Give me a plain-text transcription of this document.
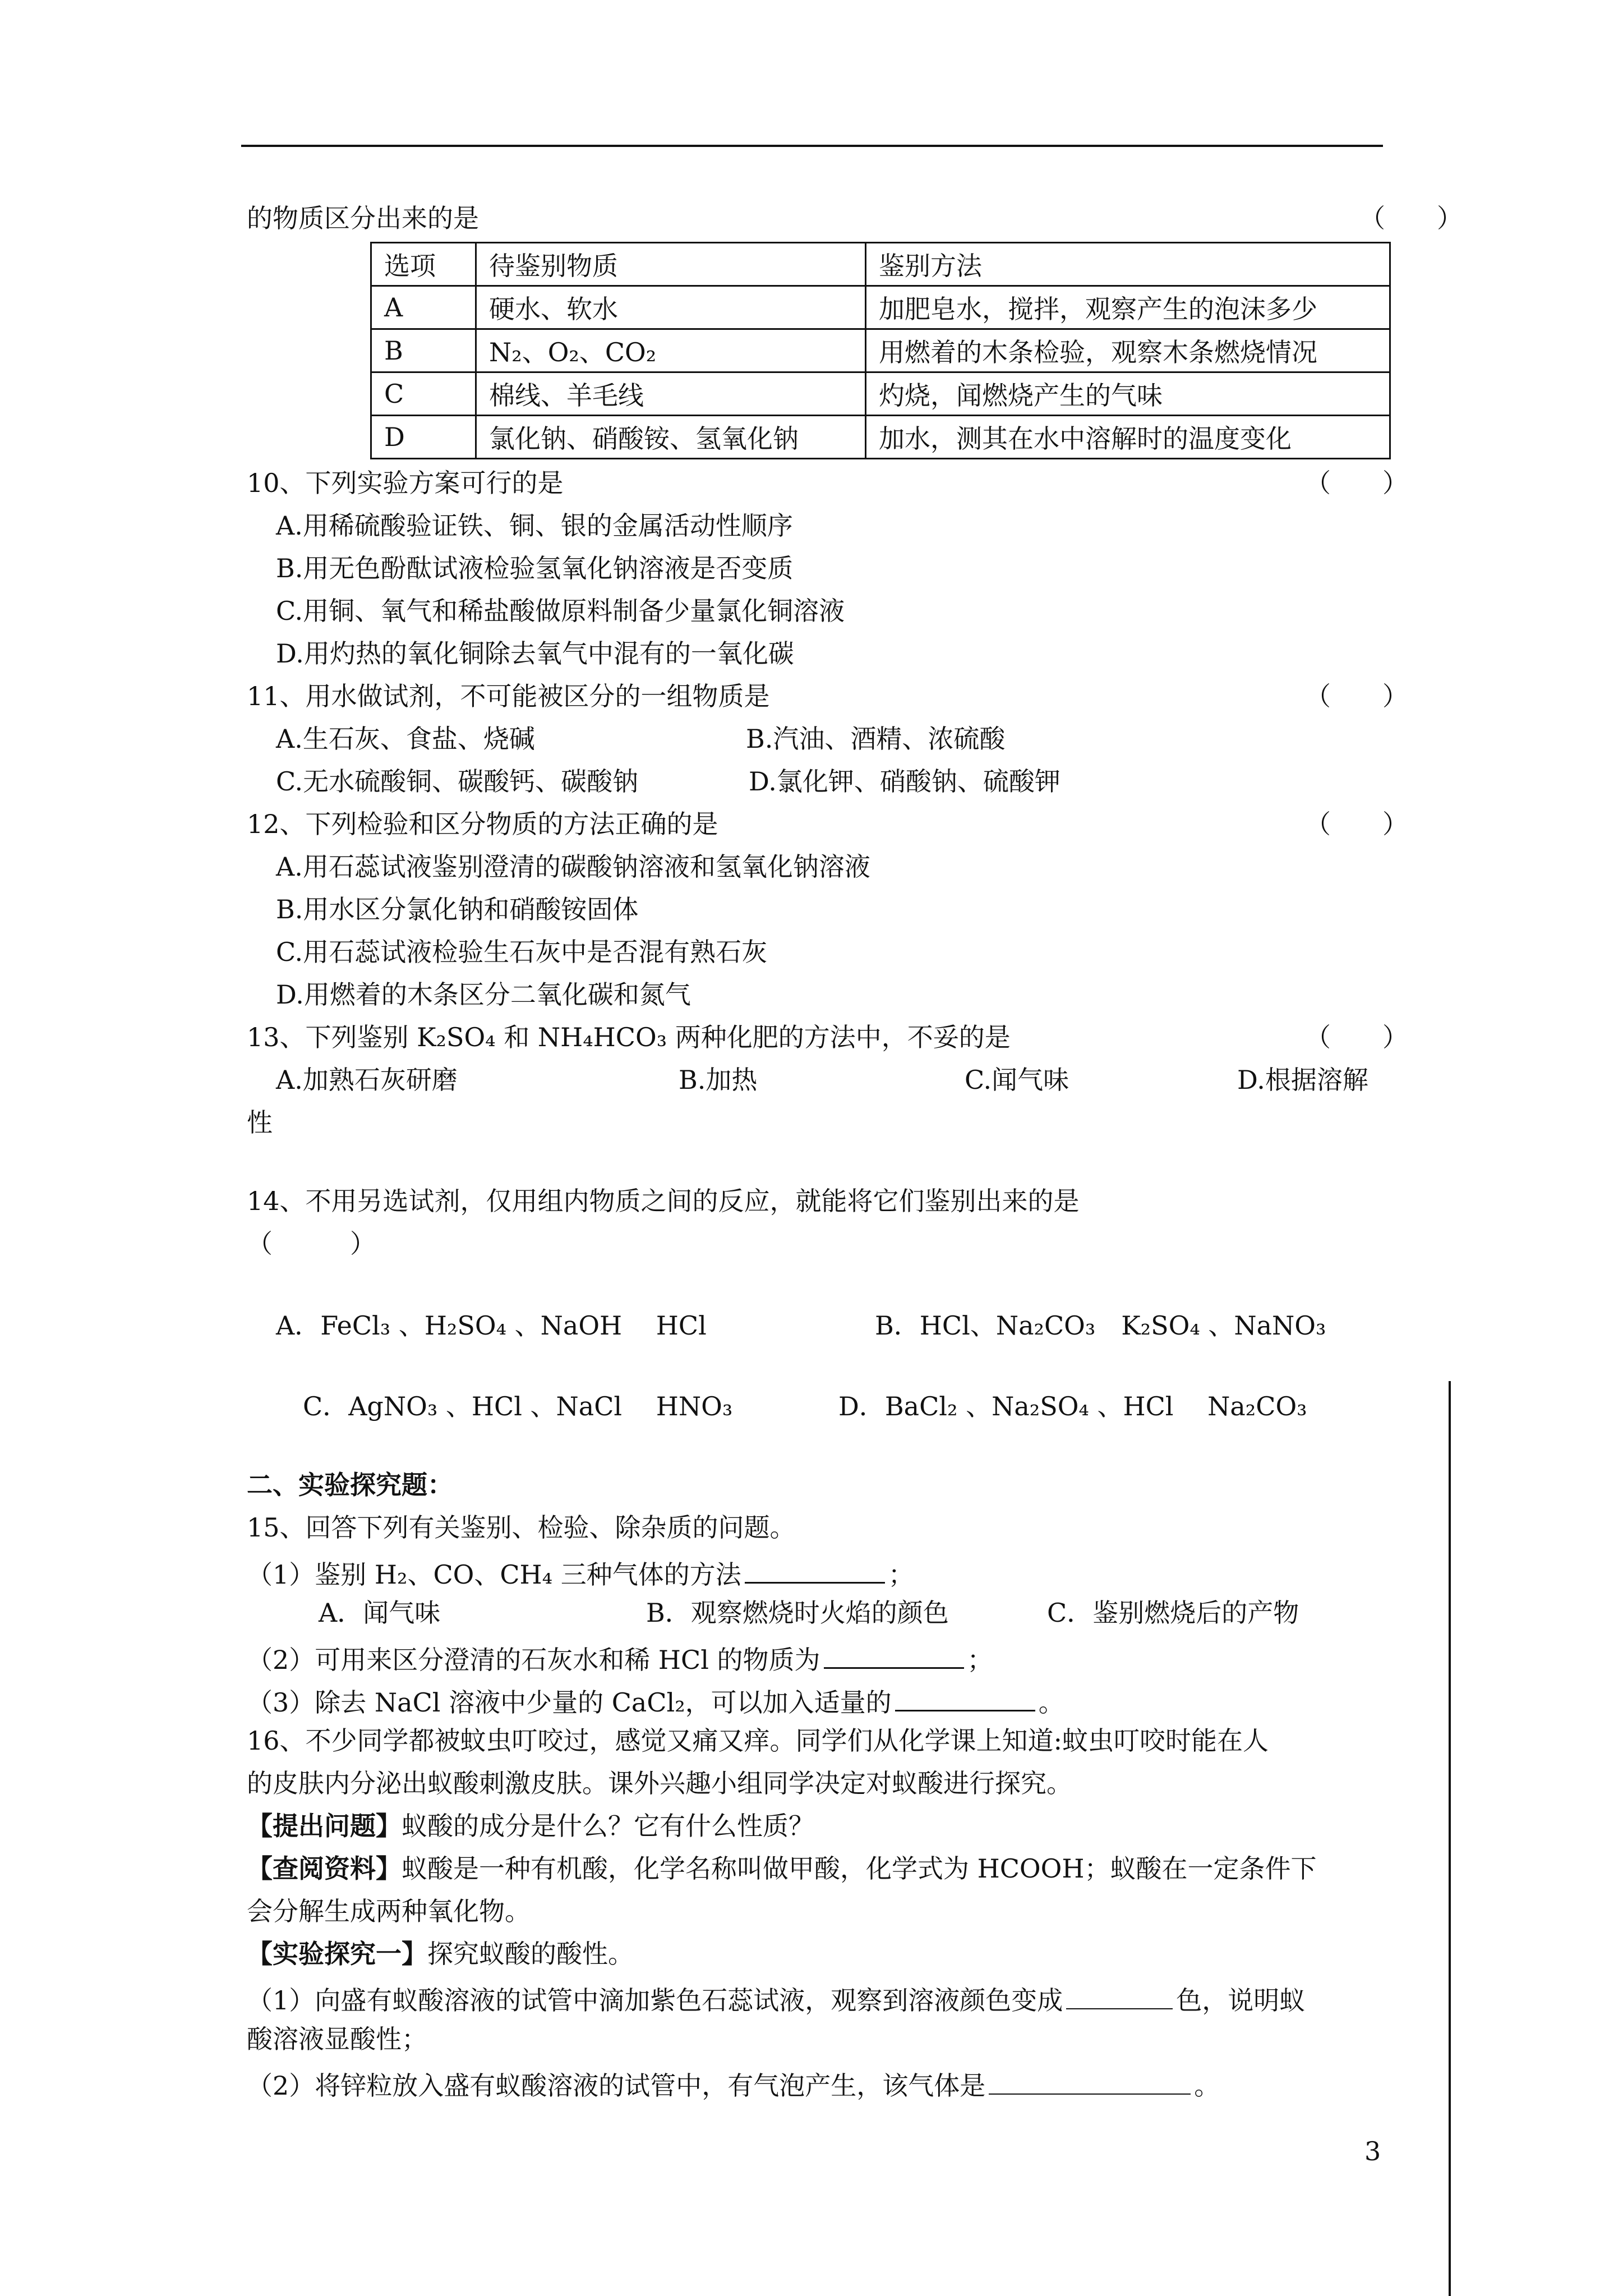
的物质区分出来的是	（　　）
选项	待鉴别物质	鉴别方法
A	硬水、软水	加肥皂水，搅拌，观察产生的泡沫多少
B	N₂、O₂、CO₂	用燃着的木条检验，观察木条燃烧情况
C	棉线、羊毛线	灼烧，闻燃烧产生的气味
D	氯化钠、硝酸铵、氢氧化钠	加水，测其在水中溶解时的温度变化
10、下列实验方案可行的是	（　　）
A.用稀硫酸验证铁、铜、银的金属活动性顺序
B.用无色酚酞试液检验氢氧化钠溶液是否变质
C.用铜、氧气和稀盐酸做原料制备少量氯化铜溶液
D.用灼热的氧化铜除去氧气中混有的一氧化碳
11、用水做试剂，不可能被区分的一组物质是	（　　）
A.生石灰、食盐、烧碱	B.汽油、酒精、浓硫酸
C.无水硫酸铜、碳酸钙、碳酸钠	D.氯化钾、硝酸钠、硫酸钾
12、下列检验和区分物质的方法正确的是	（　　）
A.用石蕊试液鉴别澄清的碳酸钠溶液和氢氧化钠溶液
B.用水区分氯化钠和硝酸铵固体
C.用石蕊试液检验生石灰中是否混有熟石灰
D.用燃着的木条区分二氧化碳和氮气
13、下列鉴别 K₂SO₄ 和 NH₄HCO₃ 两种化肥的方法中，不妥的是	（　　）
A.加熟石灰研磨	B.加热	C.闻气味	D.根据溶解
性
14、不用另选试剂，仅用组内物质之间的反应，就能将它们鉴别出来的是
（　　　）
A．FeCl₃ 、H₂SO₄ 、NaOH　 HCl	B．HCl、Na₂CO₃　K₂SO₄ 、NaNO₃
C．AgNO₃ 、HCl 、NaCl　 HNO₃	D．BaCl₂ 、Na₂SO₄ 、HCl　 Na₂CO₃
二、实验探究题：
15、回答下列有关鉴别、检验、除杂质的问题。
（1）鉴别 H₂、CO、CH₄ 三种气体的方法	；
A．闻气味	B．观察燃烧时火焰的颜色	C．鉴别燃烧后的产物
（2）可用来区分澄清的石灰水和稀 HCl 的物质为	；
（3）除去 NaCl 溶液中少量的 CaCl₂，可以加入适量的	。
16、不少同学都被蚊虫叮咬过，感觉又痛又痒。同学们从化学课上知道:蚊虫叮咬时能在人
的皮肤内分泌出蚁酸刺激皮肤。课外兴趣小组同学决定对蚁酸进行探究。
【提出问题】蚁酸的成分是什么？它有什么性质？
【查阅资料】蚁酸是一种有机酸，化学名称叫做甲酸，化学式为 HCOOH；蚁酸在一定条件下
会分解生成两种氧化物。
【实验探究一】探究蚁酸的酸性。
（1）向盛有蚁酸溶液的试管中滴加紫色石蕊试液，观察到溶液颜色变成	色，说明蚁
酸溶液显酸性；
（2）将锌粒放入盛有蚁酸溶液的试管中，有气泡产生，该气体是	。
3
